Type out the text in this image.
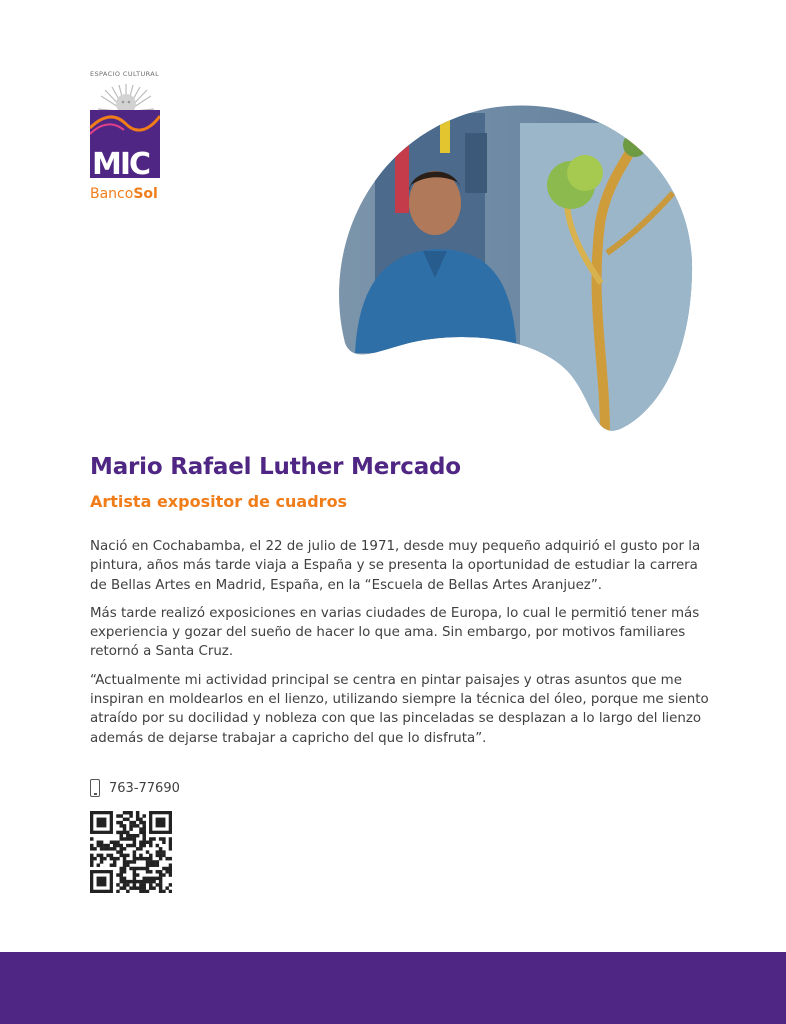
ESPACIO CULTURAL
MIC
BancoSol
Mario Rafael Luther Mercado
Artista expositor de cuadros

Nació en Cochabamba, el 22 de julio de 1971, desde muy pequeño adquirió el gusto por la pintura, años más tarde viaja a España y se presenta la oportunidad de estudiar la carrera de Bellas Artes en Madrid, España, en la “Escuela de Bellas Artes Aranjuez”.

Más tarde realizó exposiciones en varias ciudades de Europa, lo cual le permitió tener más experiencia y gozar del sueño de hacer lo que ama. Sin embargo, por motivos familiares retornó a Santa Cruz.

“Actualmente mi actividad principal se centra en pintar paisajes y otras asuntos que me inspiran en moldearlos en el lienzo, utilizando siempre la técnica del óleo, porque me siento atraído por su docilidad y nobleza con que las pinceladas se desplazan a lo largo del lienzo además de dejarse trabajar a capricho del que lo disfruta”.

763-77690
